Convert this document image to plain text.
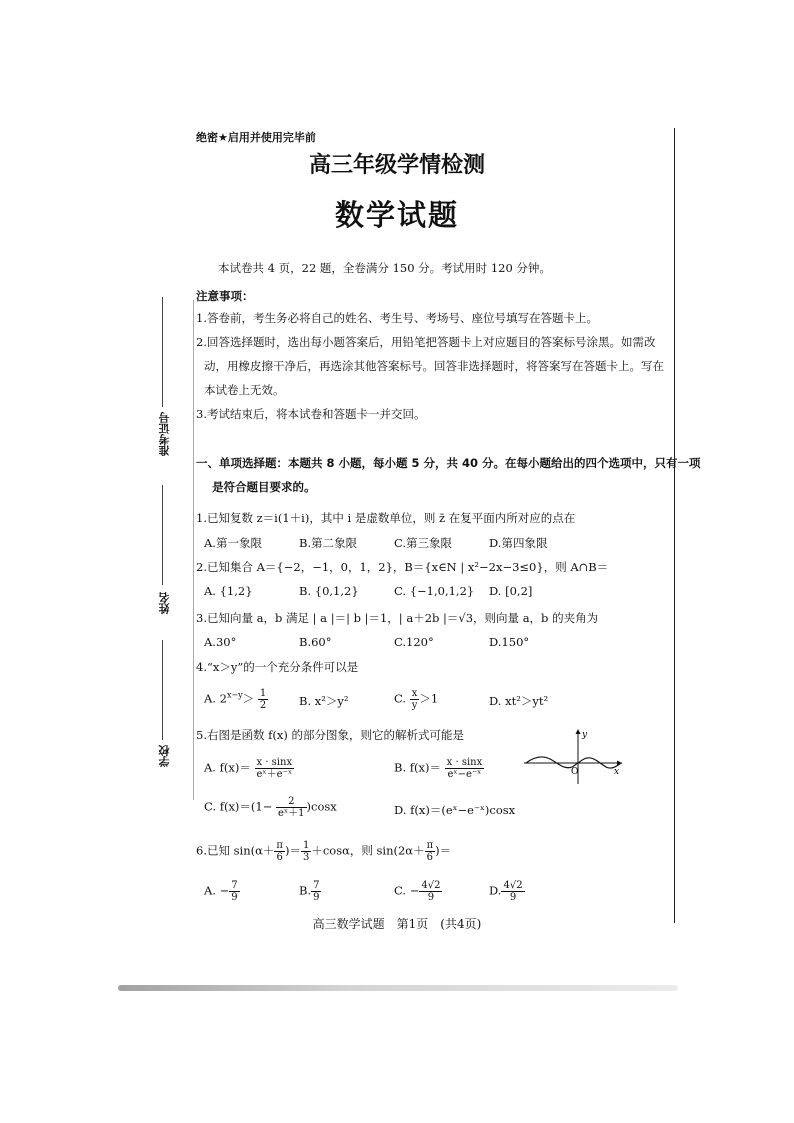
准考证号
姓名
学校
绝密★启用并使用完毕前
高三年级学情检测
数学试题
本试卷共 4 页，22 题，全卷满分 150 分。考试用时 120 分钟。
注意事项：
1.答卷前，考生务必将自己的姓名、考生号、考场号、座位号填写在答题卡上。
2.回答选择题时，选出每小题答案后，用铅笔把答题卡上对应题目的答案标号涂黑。如需改
动，用橡皮擦干净后，再选涂其他答案标号。回答非选择题时，将答案写在答题卡上。写在
本试卷上无效。
3.考试结束后，将本试卷和答题卡一并交回。
一、单项选择题：本题共 8 小题，每小题 5 分，共 40 分。在每小题给出的四个选项中，只有一项
是符合题目要求的。
1.已知复数 z＝i(1＋i)，其中 i 是虚数单位，则 z̄ 在复平面内所对应的点在
A.第一象限	B.第二象限	C.第三象限	D.第四象限
2.已知集合 A＝{−2，−1，0，1，2}，B＝{x∈N | x²−2x−3≤0}，则 A∩B＝
A. {1,2}	B. {0,1,2}	C. {−1,0,1,2} D. [0,2]
3.已知向量 a，b 满足 | a |＝| b |＝1，| a＋2b |＝√3，则向量 a，b 的夹角为
A.30°	B.60°	C.120°	D.150°
4.“x＞y”的一个充分条件可以是
A. $2^{x-y}> \frac{1}{2}$	B. x²＞y²	C. $\frac{x}{y} >1$	D. xt²＞yt²
5.右图是函数 f(x) 的部分图象，则它的解析式可能是
A. $f(x)= \frac{x \cdot \sin x}{\text{eˣ＋e⁻ˣ}}$	B. $f(x)= \frac{x \cdot \sin x}{\text{eˣ−e⁻ˣ}}$
C. $f(x)=(1- \frac{2}{\text{eˣ＋1}} )\cos x$	D. f(x)＝(eˣ−e⁻ˣ)cosx
y
x
O
6.已知 $\sin(\alpha+ \frac{\pi}{6}$ )＝ $\frac{1}{3} +\cos\alpha$，则 $\sin(2\alpha+ \frac{\pi}{6}$ )＝
A. − $\frac{7}{9}$	B. $\frac{7}{9}$	C. − $\frac{4√2}{9}$	D. $\frac{4√2}{9}$
高三数学试题　第1页　(共4页)
